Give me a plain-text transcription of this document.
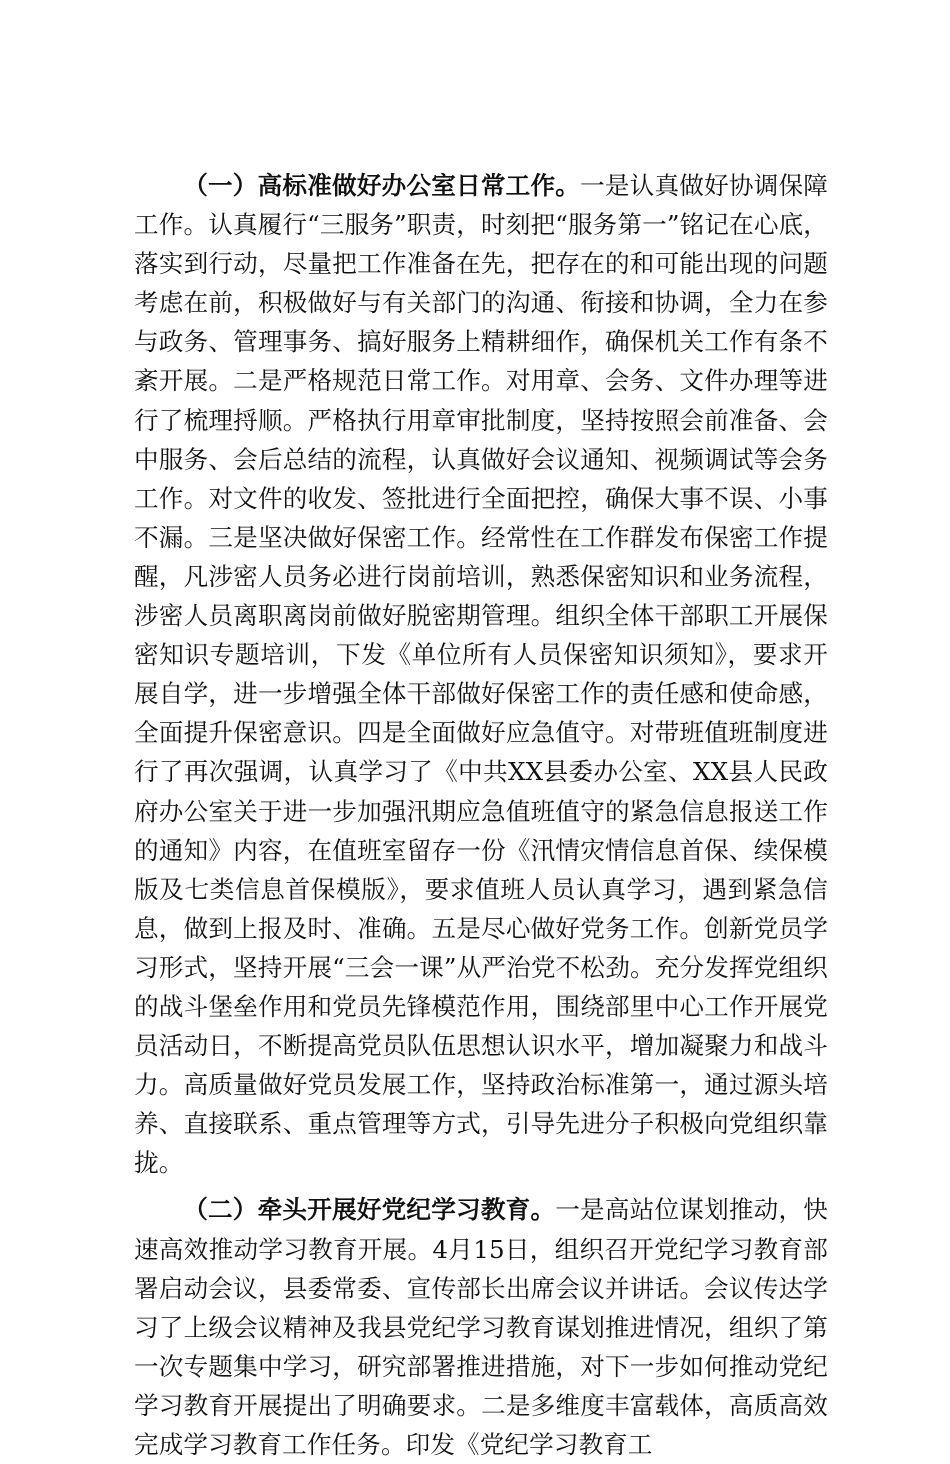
（一）高标准做好办公室日常工作。一是认真做好协调保障工作。认真履行“三服务”职责，时刻把“服务第一”铭记在心底，落实到行动，尽量把工作准备在先，把存在的和可能出现的问题考虑在前，积极做好与有关部门的沟通、衔接和协调，全力在参与政务、管理事务、搞好服务上精耕细作，确保机关工作有条不紊开展。二是严格规范日常工作。对用章、会务、文件办理等进行了梳理捋顺。严格执行用章审批制度，坚持按照会前准备、会中服务、会后总结的流程，认真做好会议通知、视频调试等会务工作。对文件的收发、签批进行全面把控，确保大事不误、小事不漏。三是坚决做好保密工作。经常性在工作群发布保密工作提醒，凡涉密人员务必进行岗前培训，熟悉保密知识和业务流程，涉密人员离职离岗前做好脱密期管理。组织全体干部职工开展保密知识专题培训，下发《单位所有人员保密知识须知》，要求开展自学，进一步增强全体干部做好保密工作的责任感和使命感，全面提升保密意识。四是全面做好应急值守。对带班值班制度进行了再次强调，认真学习了《中共XX县委办公室、XX县人民政府办公室关于进一步加强汛期应急值班值守的紧急信息报送工作的通知》内容，在值班室留存一份《汛情灾情信息首保、续保模版及七类信息首保模版》，要求值班人员认真学习，遇到紧急信息，做到上报及时、准确。五是尽心做好党务工作。创新党员学习形式，坚持开展“三会一课”从严治党不松劲。充分发挥党组织的战斗堡垒作用和党员先锋模范作用，围绕部里中心工作开展党员活动日，不断提高党员队伍思想认识水平，增加凝聚力和战斗力。高质量做好党员发展工作，坚持政治标准第一，通过源头培养、直接联系、重点管理等方式，引导先进分子积极向党组织靠拢。

（二）牵头开展好党纪学习教育。一是高站位谋划推动，快速高效推动学习教育开展。4月15日，组织召开党纪学习教育部署启动会议，县委常委、宣传部长出席会议并讲话。会议传达学习了上级会议精神及我县党纪学习教育谋划推进情况，组织了第一次专题集中学习，研究部署推进措施，对下一步如何推动党纪学习教育开展提出了明确要求。二是多维度丰富载体，高质高效完成学习教育工作任务。印发《党纪学习教育工
